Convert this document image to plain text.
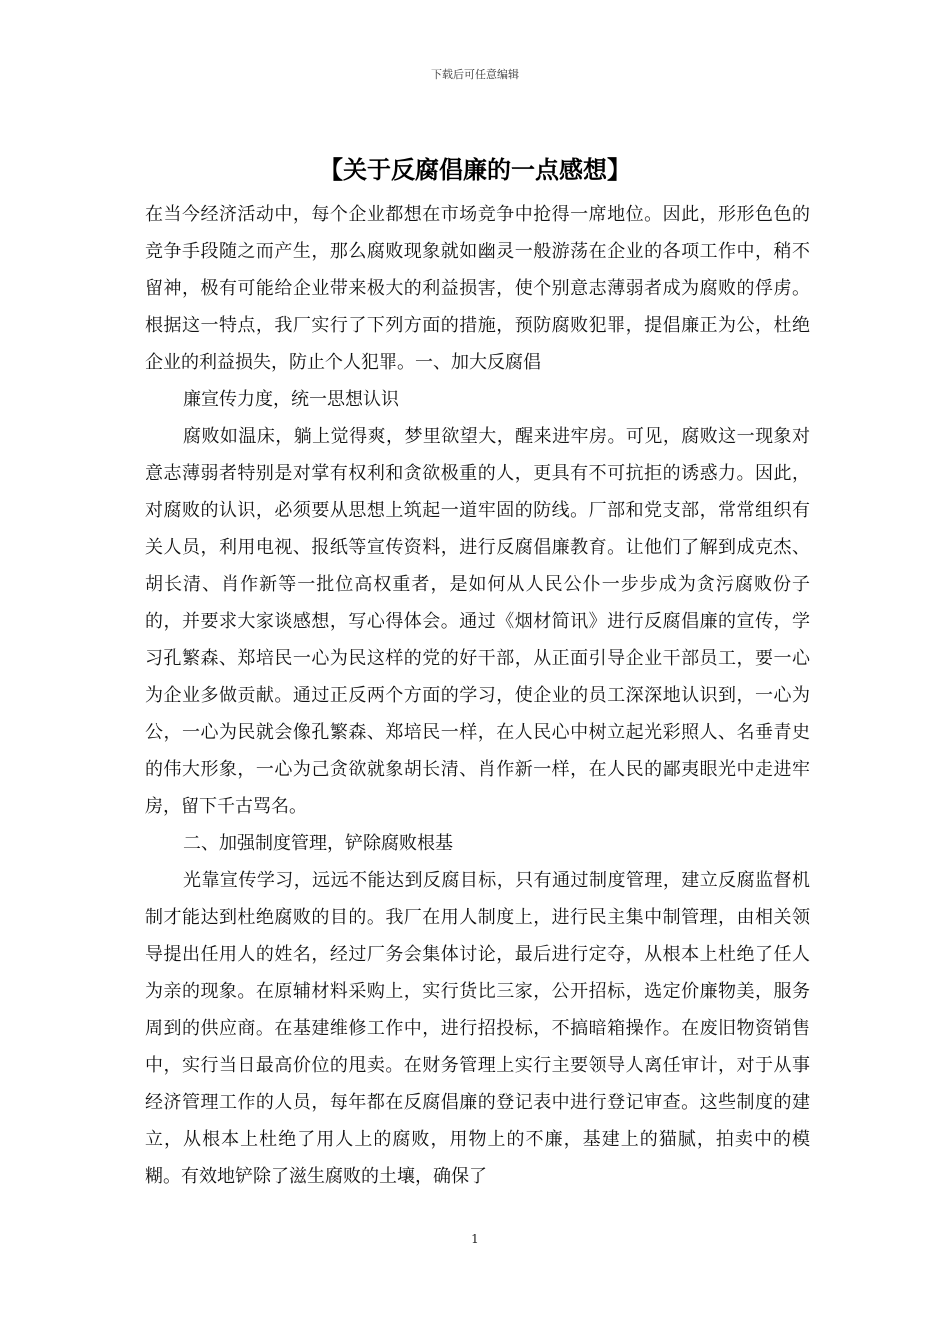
下载后可任意编辑
【关于反腐倡廉的一点感想】

在当今经济活动中，每个企业都想在市场竞争中抢得一席地位。因此，形形色色的竞争手段随之而产生，那么腐败现象就如幽灵一般游荡在企业的各项工作中，稍不留神，极有可能给企业带来极大的利益损害，使个别意志薄弱者成为腐败的俘虏。根据这一特点，我厂实行了下列方面的措施，预防腐败犯罪，提倡廉正为公，杜绝企业的利益损失，防止个人犯罪。一、加大反腐倡

廉宣传力度，统一思想认识

腐败如温床，躺上觉得爽，梦里欲望大，醒来进牢房。可见，腐败这一现象对意志薄弱者特别是对掌有权利和贪欲极重的人，更具有不可抗拒的诱惑力。因此，对腐败的认识，必须要从思想上筑起一道牢固的防线。厂部和党支部，常常组织有关人员，利用电视、报纸等宣传资料，进行反腐倡廉教育。让他们了解到成克杰、胡长清、肖作新等一批位高权重者，是如何从人民公仆一步步成为贪污腐败份子的，并要求大家谈感想，写心得体会。通过《烟材简讯》进行反腐倡廉的宣传，学习孔繁森、郑培民一心为民这样的党的好干部，从正面引导企业干部员工，要一心为企业多做贡献。通过正反两个方面的学习，使企业的员工深深地认识到，一心为公，一心为民就会像孔繁森、郑培民一样，在人民心中树立起光彩照人、名垂青史的伟大形象，一心为己贪欲就象胡长清、肖作新一样，在人民的鄙夷眼光中走进牢房，留下千古骂名。

二、加强制度管理，铲除腐败根基

光靠宣传学习，远远不能达到反腐目标，只有通过制度管理，建立反腐监督机制才能达到杜绝腐败的目的。我厂在用人制度上，进行民主集中制管理，由相关领导提出任用人的姓名，经过厂务会集体讨论，最后进行定夺，从根本上杜绝了任人为亲的现象。在原辅材料采购上，实行货比三家，公开招标，选定价廉物美，服务周到的供应商。在基建维修工作中，进行招投标，不搞暗箱操作。在废旧物资销售中，实行当日最高价位的甩卖。在财务管理上实行主要领导人离任审计，对于从事经济管理工作的人员，每年都在反腐倡廉的登记表中进行登记审查。这些制度的建立，从根本上杜绝了用人上的腐败，用物上的不廉，基建上的猫腻，拍卖中的模糊。有效地铲除了滋生腐败的土壤，确保了

1
